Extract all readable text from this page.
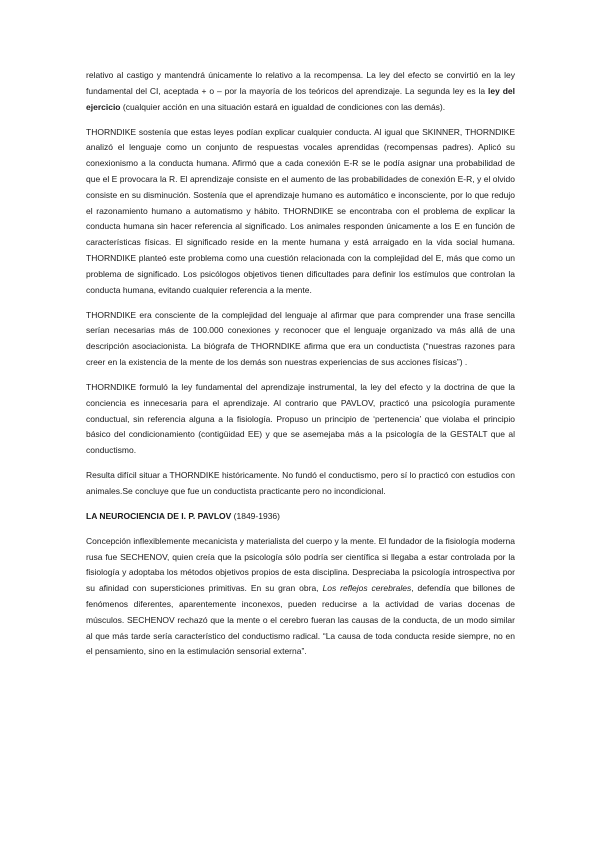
relativo al castigo y mantendrá únicamente lo relativo a la recompensa. La ley del efecto se convirtió en la ley fundamental del CI, aceptada + o – por la mayoría de los teóricos del aprendizaje. La segunda ley es la ley del ejercicio (cualquier acción en una situación estará en igualdad de condiciones con las demás).

THORNDIKE sostenía que estas leyes podían explicar cualquier conducta. Al igual que SKINNER, THORNDIKE analizó el lenguaje como un conjunto de respuestas vocales aprendidas (recompensas padres). Aplicó su conexionismo a la conducta humana. Afirmó que a cada conexión E-R se le podía asignar una probabilidad de que el E provocara la R. El aprendizaje consiste en el aumento de las probabilidades de conexión E-R, y el olvido consiste en su disminución. Sostenía que el aprendizaje humano es automático e inconsciente, por lo que redujo el razonamiento humano a automatismo y hábito. THORNDIKE se encontraba con el problema de explicar la conducta humana sin hacer referencia al significado. Los animales responden únicamente a los E en función de características físicas. El significado reside en la mente humana y está arraigado en la vida social humana. THORNDIKE planteó este problema como una cuestión relacionada con la complejidad del E, más que como un problema de significado. Los psicólogos objetivos tienen dificultades para definir los estímulos que controlan la conducta humana, evitando cualquier referencia a la mente.

THORNDIKE era consciente de la complejidad del lenguaje al afirmar que para comprender una frase sencilla serían necesarias más de 100.000 conexiones y reconocer que el lenguaje organizado va más allá de una descripción asociacionista. La biógrafa de THORNDIKE afirma que era un conductista (“nuestras razones para creer en la existencia de la mente de los demás son nuestras experiencias de sus acciones físicas”) .

THORNDIKE formuló la ley fundamental del aprendizaje instrumental, la ley del efecto y la doctrina de que la conciencia es innecesaria para el aprendizaje. Al contrario que PAVLOV, practicó una psicología puramente conductual, sin referencia alguna a la fisiología. Propuso un principio de ‘pertenencia’ que violaba el principio básico del condicionamiento (contigüidad EE) y que se asemejaba más a la psicología de la GESTALT que al conductismo.

Resulta difícil situar a THORNDIKE históricamente. No fundó el conductismo, pero sí lo practicó con estudios con animales.Se concluye que fue un conductista practicante pero no incondicional.

LA NEUROCIENCIA DE I. P. PAVLOV (1849-1936)

Concepción inflexiblemente mecanicista y materialista del cuerpo y la mente. El fundador de la fisiología moderna rusa fue SECHENOV, quien creía que la psicología sólo podría ser científica si llegaba a estar controlada por la fisiología y adoptaba los métodos objetivos propios de esta disciplina. Despreciaba la psicología introspectiva por su afinidad con supersticiones primitivas. En su gran obra, Los reflejos cerebrales, defendía que billones de fenómenos diferentes, aparentemente inconexos, pueden reducirse a la actividad de varias docenas de músculos. SECHENOV rechazó que la mente o el cerebro fueran las causas de la conducta, de un modo similar al que más tarde sería característico del conductismo radical. “La causa de toda conducta reside siempre, no en el pensamiento, sino en la estimulación sensorial externa”.
